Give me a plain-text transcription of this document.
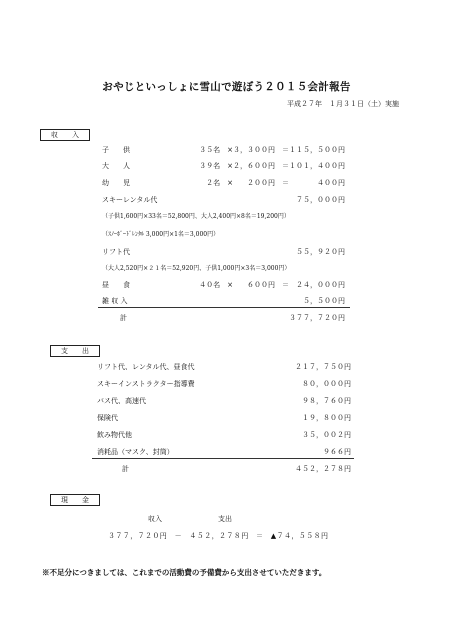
おやじといっしょに雪山で遊ぼう２０１５会計報告
平成２７年　１月３１日（土）実施
収　　入
子　　供	３５名　×３，３００円　＝１１５，５００円
大　　人	３９名　×２，６００円　＝１０１，４００円
幼　　児	２名　×　　２００円　＝　　　　４００円
スキーレンタル代	７５，０００円
（子供1,600円×33名＝52,800円、大人2,400円×8名＝19,200円）
（ｽﾉｰﾎﾞｰﾄﾞﾚﾝﾀﾙ 3,000円×1名＝3,000円）
リフト代	５５，９２０円
（大人2,520円×２１名＝52,920円、子供1,000円×3名＝3,000円）
昼　　食	４０名　×　　６００円　＝　２４，０００円
雑 収 入	５，５００円
計	３７７，７２０円
支　　出
リフト代、レンタル代、昼食代	２１７，７５０円
スキーインストラクター指導費	８０，０００円
バス代、高速代	９８，７６０円
保険代	１９，８００円
飲み物代他	３５，００２円
消耗品（マスク、封筒）	９６６円
計	４５２，２７８円
現　　金
収入	支出
３７７，７２０円　－　４５２，２７８円　＝　▲７４，５５８円
※不足分につきましては、これまでの活動費の予備費から支出させていただきます。
